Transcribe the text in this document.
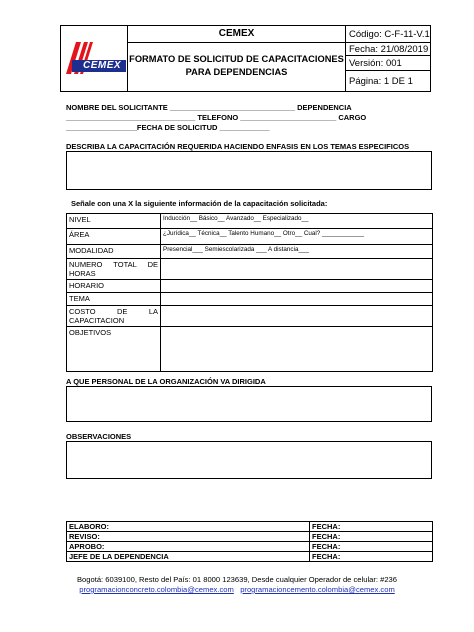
CEMEX
CEMEX
FORMATO DE SOLICITUD DE CAPACITACIONES
PARA DEPENDENCIAS
Código: C-F-11-V.1
Fecha: 21/08/2019
Versión: 001
Página: 1 DE 1
NOMBRE DEL SOLICITANTE ______________________________ DEPENDENCIA
_______________________________ TELEFONO _______________________ CARGO
_________________FECHA DE SOLICITUD ____________
DESCRIBA LA CAPACITACIÓN REQUERIDA HACIENDO ENFASIS EN LOS TEMAS ESPECIFICOS
Señale con una X la siguiente información de la capacitación solicitada:
NIVEL	Inducción__ Básico__ Avanzado__ Especializado__
ÁREA	¿Jurídica__ Técnica__ Talento Humano__ Otro__ Cual? ____________
MODALIDAD	Presencial___ Semiescolarizada ___ A distancia___
NUMERO TOTAL DE HORAS	
HORARIO	
TEMA	
COSTO DE LA CAPACITACION	
OBJETIVOS	
A QUE PERSONAL DE LA ORGANIZACIÓN VA DIRIGIDA
OBSERVACIONES
ELABORO:	FECHA:
REVISO:	FECHA:
APROBO:	FECHA:
JEFE DE LA DEPENDENCIA	FECHA:
Bogotá: 6039100, Resto del País: 01 8000 123639, Desde cualquier Operador de celular: #236
programacionconcreto.colombia@cemex.com programacioncemento.colombia@cemex.com
